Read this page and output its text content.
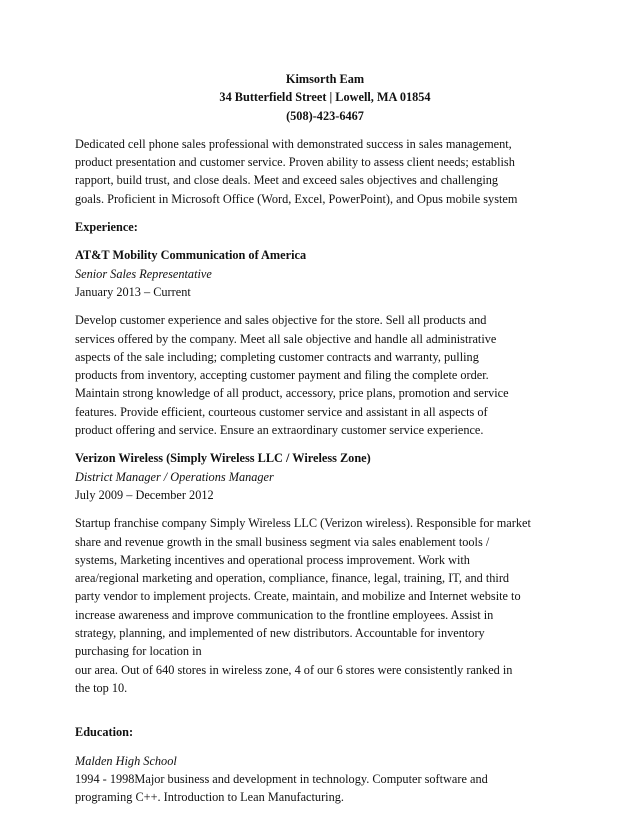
Kimsorth Eam
34 Butterfield Street | Lowell, MA 01854
(508)-423-6467
Dedicated cell phone sales professional with demonstrated success in sales management,
product presentation and customer service. Proven ability to assess client needs; establish
rapport, build trust, and close deals. Meet and exceed sales objectives and challenging
goals. Proficient in Microsoft Office (Word, Excel, PowerPoint), and Opus mobile system
Experience:
AT&T Mobility Communication of America
Senior Sales Representative
January 2013 – Current
Develop customer experience and sales objective for the store. Sell all products and
services offered by the company. Meet all sale objective and handle all administrative
aspects of the sale including; completing customer contracts and warranty, pulling
products from inventory, accepting customer payment and filing the complete order.
Maintain strong knowledge of all product, accessory, price plans, promotion and service
features. Provide efficient, courteous customer service and assistant in all aspects of
product offering and service. Ensure an extraordinary customer service experience.
Verizon Wireless (Simply Wireless LLC / Wireless Zone)
District Manager / Operations Manager
July 2009 – December 2012
Startup franchise company Simply Wireless LLC (Verizon wireless). Responsible for market
share and revenue growth in the small business segment via sales enablement tools /
systems, Marketing incentives and operational process improvement. Work with
area/regional marketing and operation, compliance, finance, legal, training, IT, and third
party vendor to implement projects. Create, maintain, and mobilize and Internet website to
increase awareness and improve communication to the frontline employees. Assist in
strategy, planning, and implemented of new distributors. Accountable for inventory
purchasing for location in
our area. Out of 640 stores in wireless zone, 4 of our 6 stores were consistently ranked in
the top 10.
Education:
Malden High School
1994 - 1998Major business and development in technology. Computer software and
programing C++. Introduction to Lean Manufacturing.
